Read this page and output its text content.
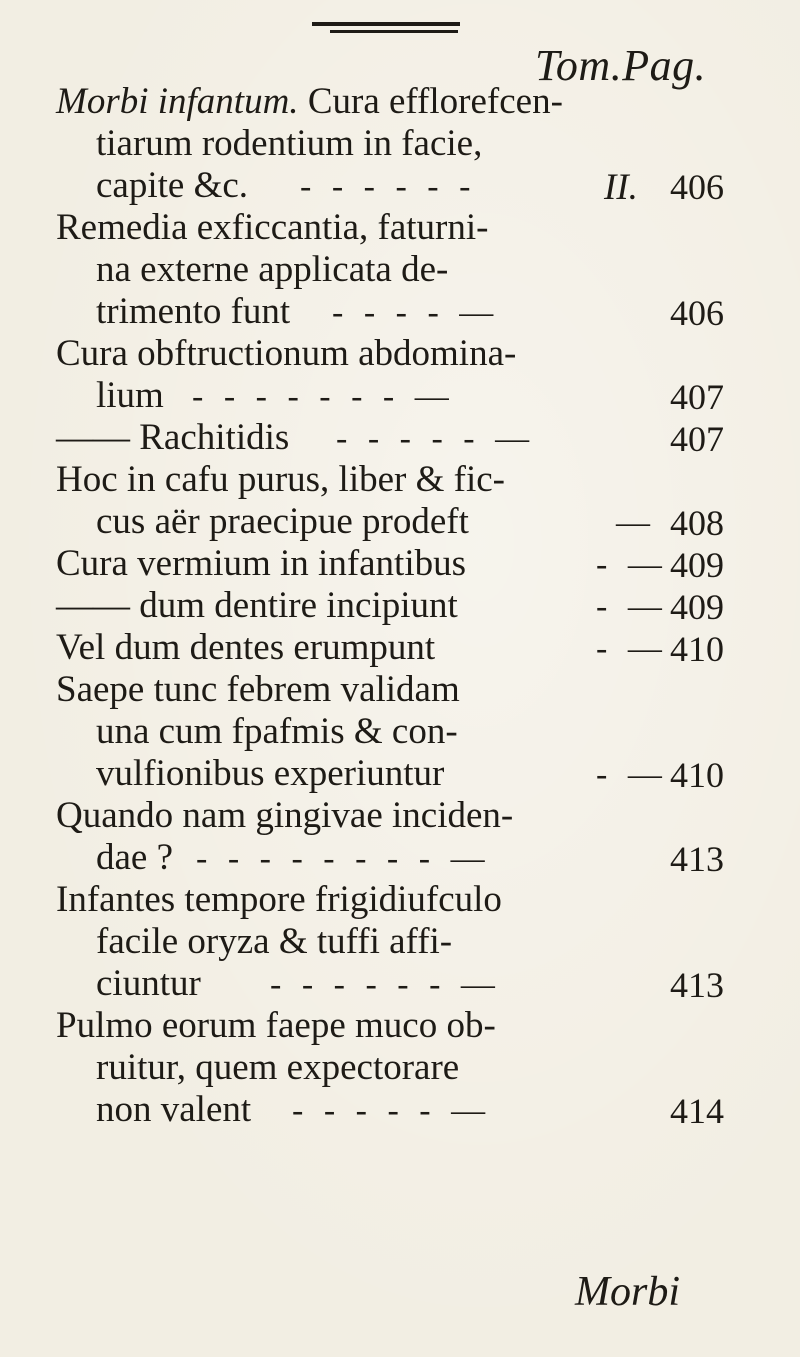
Tom.Pag.
Morbi infantum. Cura efflorefcen-
tiarum rodentium in facie,
capite &c. - - - - - -	II. 406
Remedia exficcantia, faturni-
na externe applicata de-
trimento funt - - - - —	406
Cura obftructionum abdomina-
lium - - - - - - - —	407
—— Rachitidis - - - - - —	407
Hoc in cafu purus, liber & fic-
cus aër praecipue prodeft	— 408
Cura vermium in infantibus	- — 409
—— dum dentire incipiunt	- — 409
Vel dum dentes erumpunt	- — 410
Saepe tunc febrem validam
una cum fpafmis & con-
vulfionibus experiuntur	- — 410
Quando nam gingivae inciden-
dae ? - - - - - - - - —	413
Infantes tempore frigidiufculo
facile oryza & tuffi affi-
ciuntur - - - - - - —	413
Pulmo eorum faepe muco ob-
ruitur, quem expectorare
non valent - - - - - —	414
Morbi
